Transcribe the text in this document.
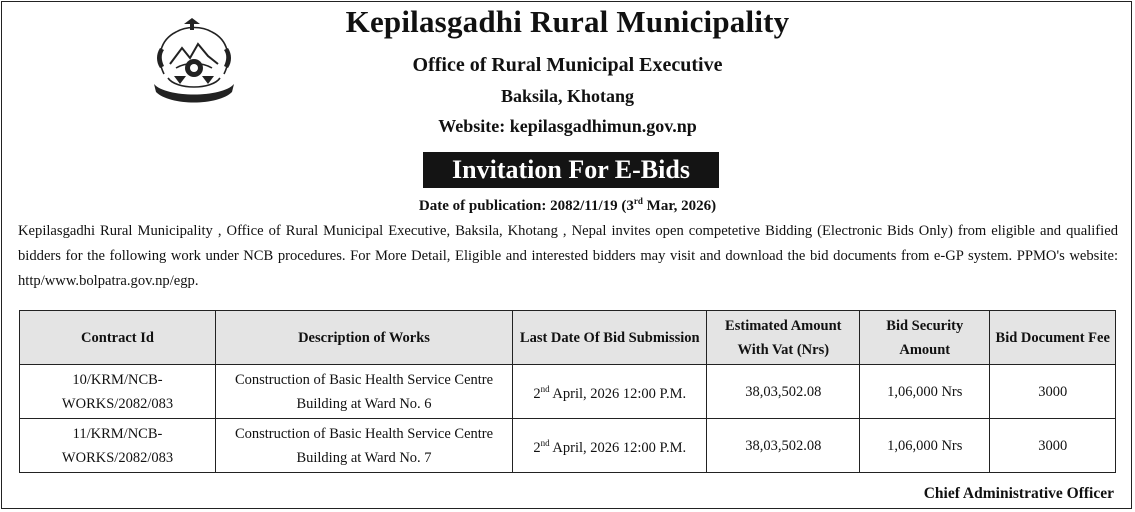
Kepilasgadhi Rural Municipality
Office of Rural Municipal Executive
Baksila, Khotang
Website: kepilasgadhimun.gov.np
Invitation For E-Bids
Date of publication: 2082/11/19 (3rd Mar, 2026)
Kepilasgadhi Rural Municipality , Office of Rural Municipal Executive, Baksila, Khotang , Nepal invites open competetive Bidding (Electronic Bids Only) from eligible and qualified bidders for the following work under NCB procedures. For More Detail, Eligible and interested bidders may visit and download the bid documents from e-GP system. PPMO's website: http/www.bolpatra.gov.np/egp.
Contract Id	Description of Works	Last Date Of Bid Submission	Estimated Amount With Vat (Nrs)	Bid Security Amount	Bid Document Fee
10/KRM/NCB-WORKS/2082/083	Construction of Basic Health Service Centre Building at Ward No. 6	2nd April, 2026 12:00 P.M.	38,03,502.08	1,06,000 Nrs	3000
11/KRM/NCB-WORKS/2082/083	Construction of Basic Health Service Centre Building at Ward No. 7	2nd April, 2026 12:00 P.M.	38,03,502.08	1,06,000 Nrs	3000
Chief Administrative Officer
